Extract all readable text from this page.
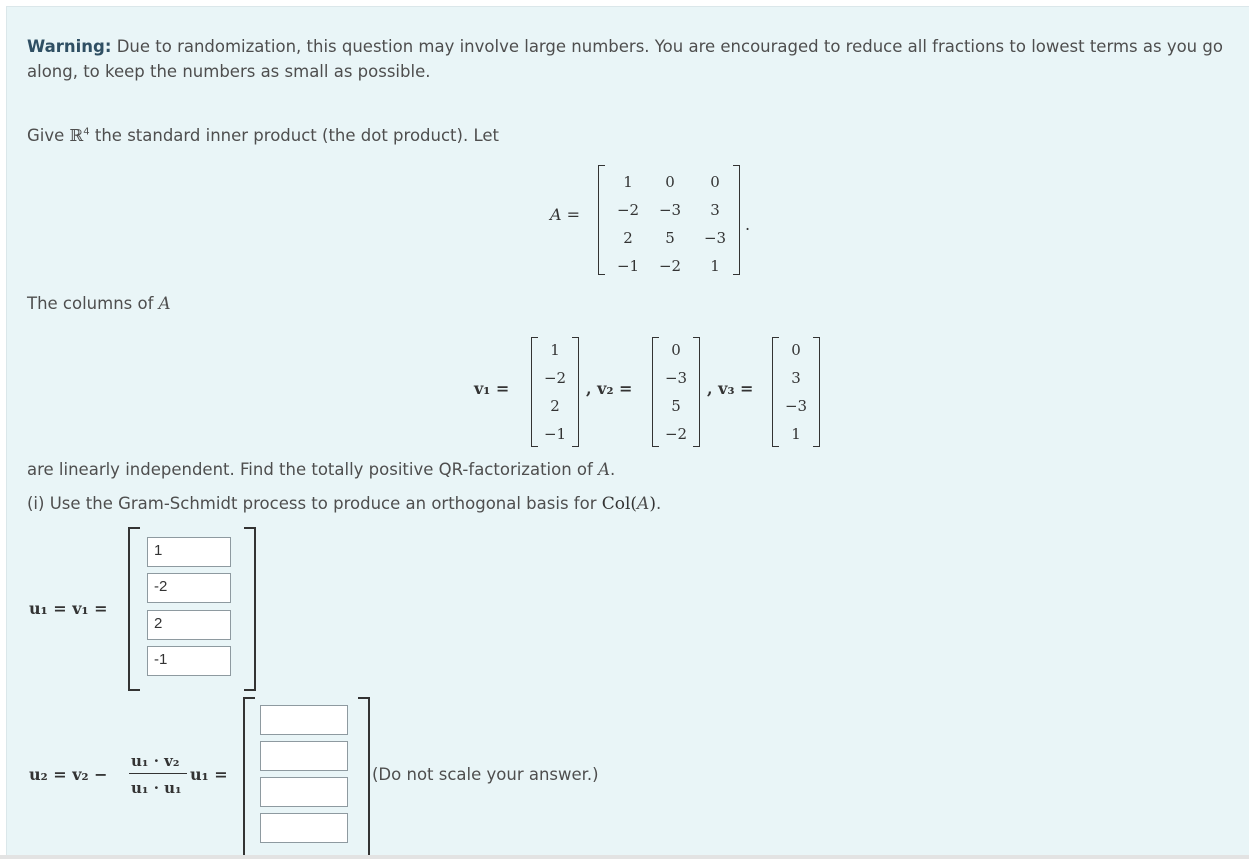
Warning: Due to randomization, this question may involve large numbers. You are encouraged to reduce all fractions to lowest terms as you go along, to keep the numbers as small as possible.
Give ℝ$^4$ the standard inner product (the dot product). Let
A =
1	0	0
−2	−3	3
2	5	−3
−1	−2	1
.
The columns of A
v₁ =
1
−2
2
−1
, v₂ =
0
−3
5
−2
, v₃ =
0
3
−3
1
are linearly independent. Find the totally positive QR-factorization of A.
(i) Use the Gram-Schmidt process to produce an orthogonal basis for Col(A).
u₁ = v₁ =
1
-2
2
-1
u₂ = v₂ −
u₁ · v₂
u₁ · u₁
u₁ =	(Do not scale your answer.)
